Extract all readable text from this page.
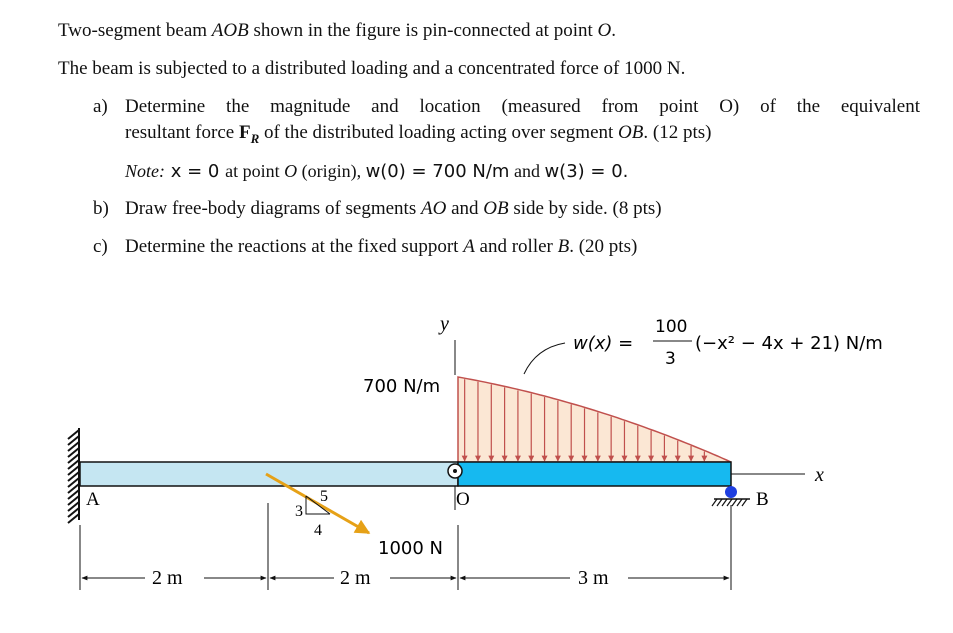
Two-segment beam AOB shown in the figure is pin-connected at point O.
The beam is subjected to a distributed loading and a concentrated force of 1000 N.
a) Determine the magnitude and location (measured from point O) of the equivalent
resultant force $F_R$ of the distributed loading acting over segment OB. (12 pts)
Note: x = 0 at point O (origin), w(0) = 700 N/m and w(3) = 0.
b) Draw free-body diagrams of segments AO and OB side by side. (8 pts)
c) Determine the reactions at the fixed support A and roller B. (20 pts)
y
x
A	B
O
700 N/m
w(x) =
100
3
(−x² − 4x + 21) N/m
1000 N
3
4
5
2 m	2 m	3 m
